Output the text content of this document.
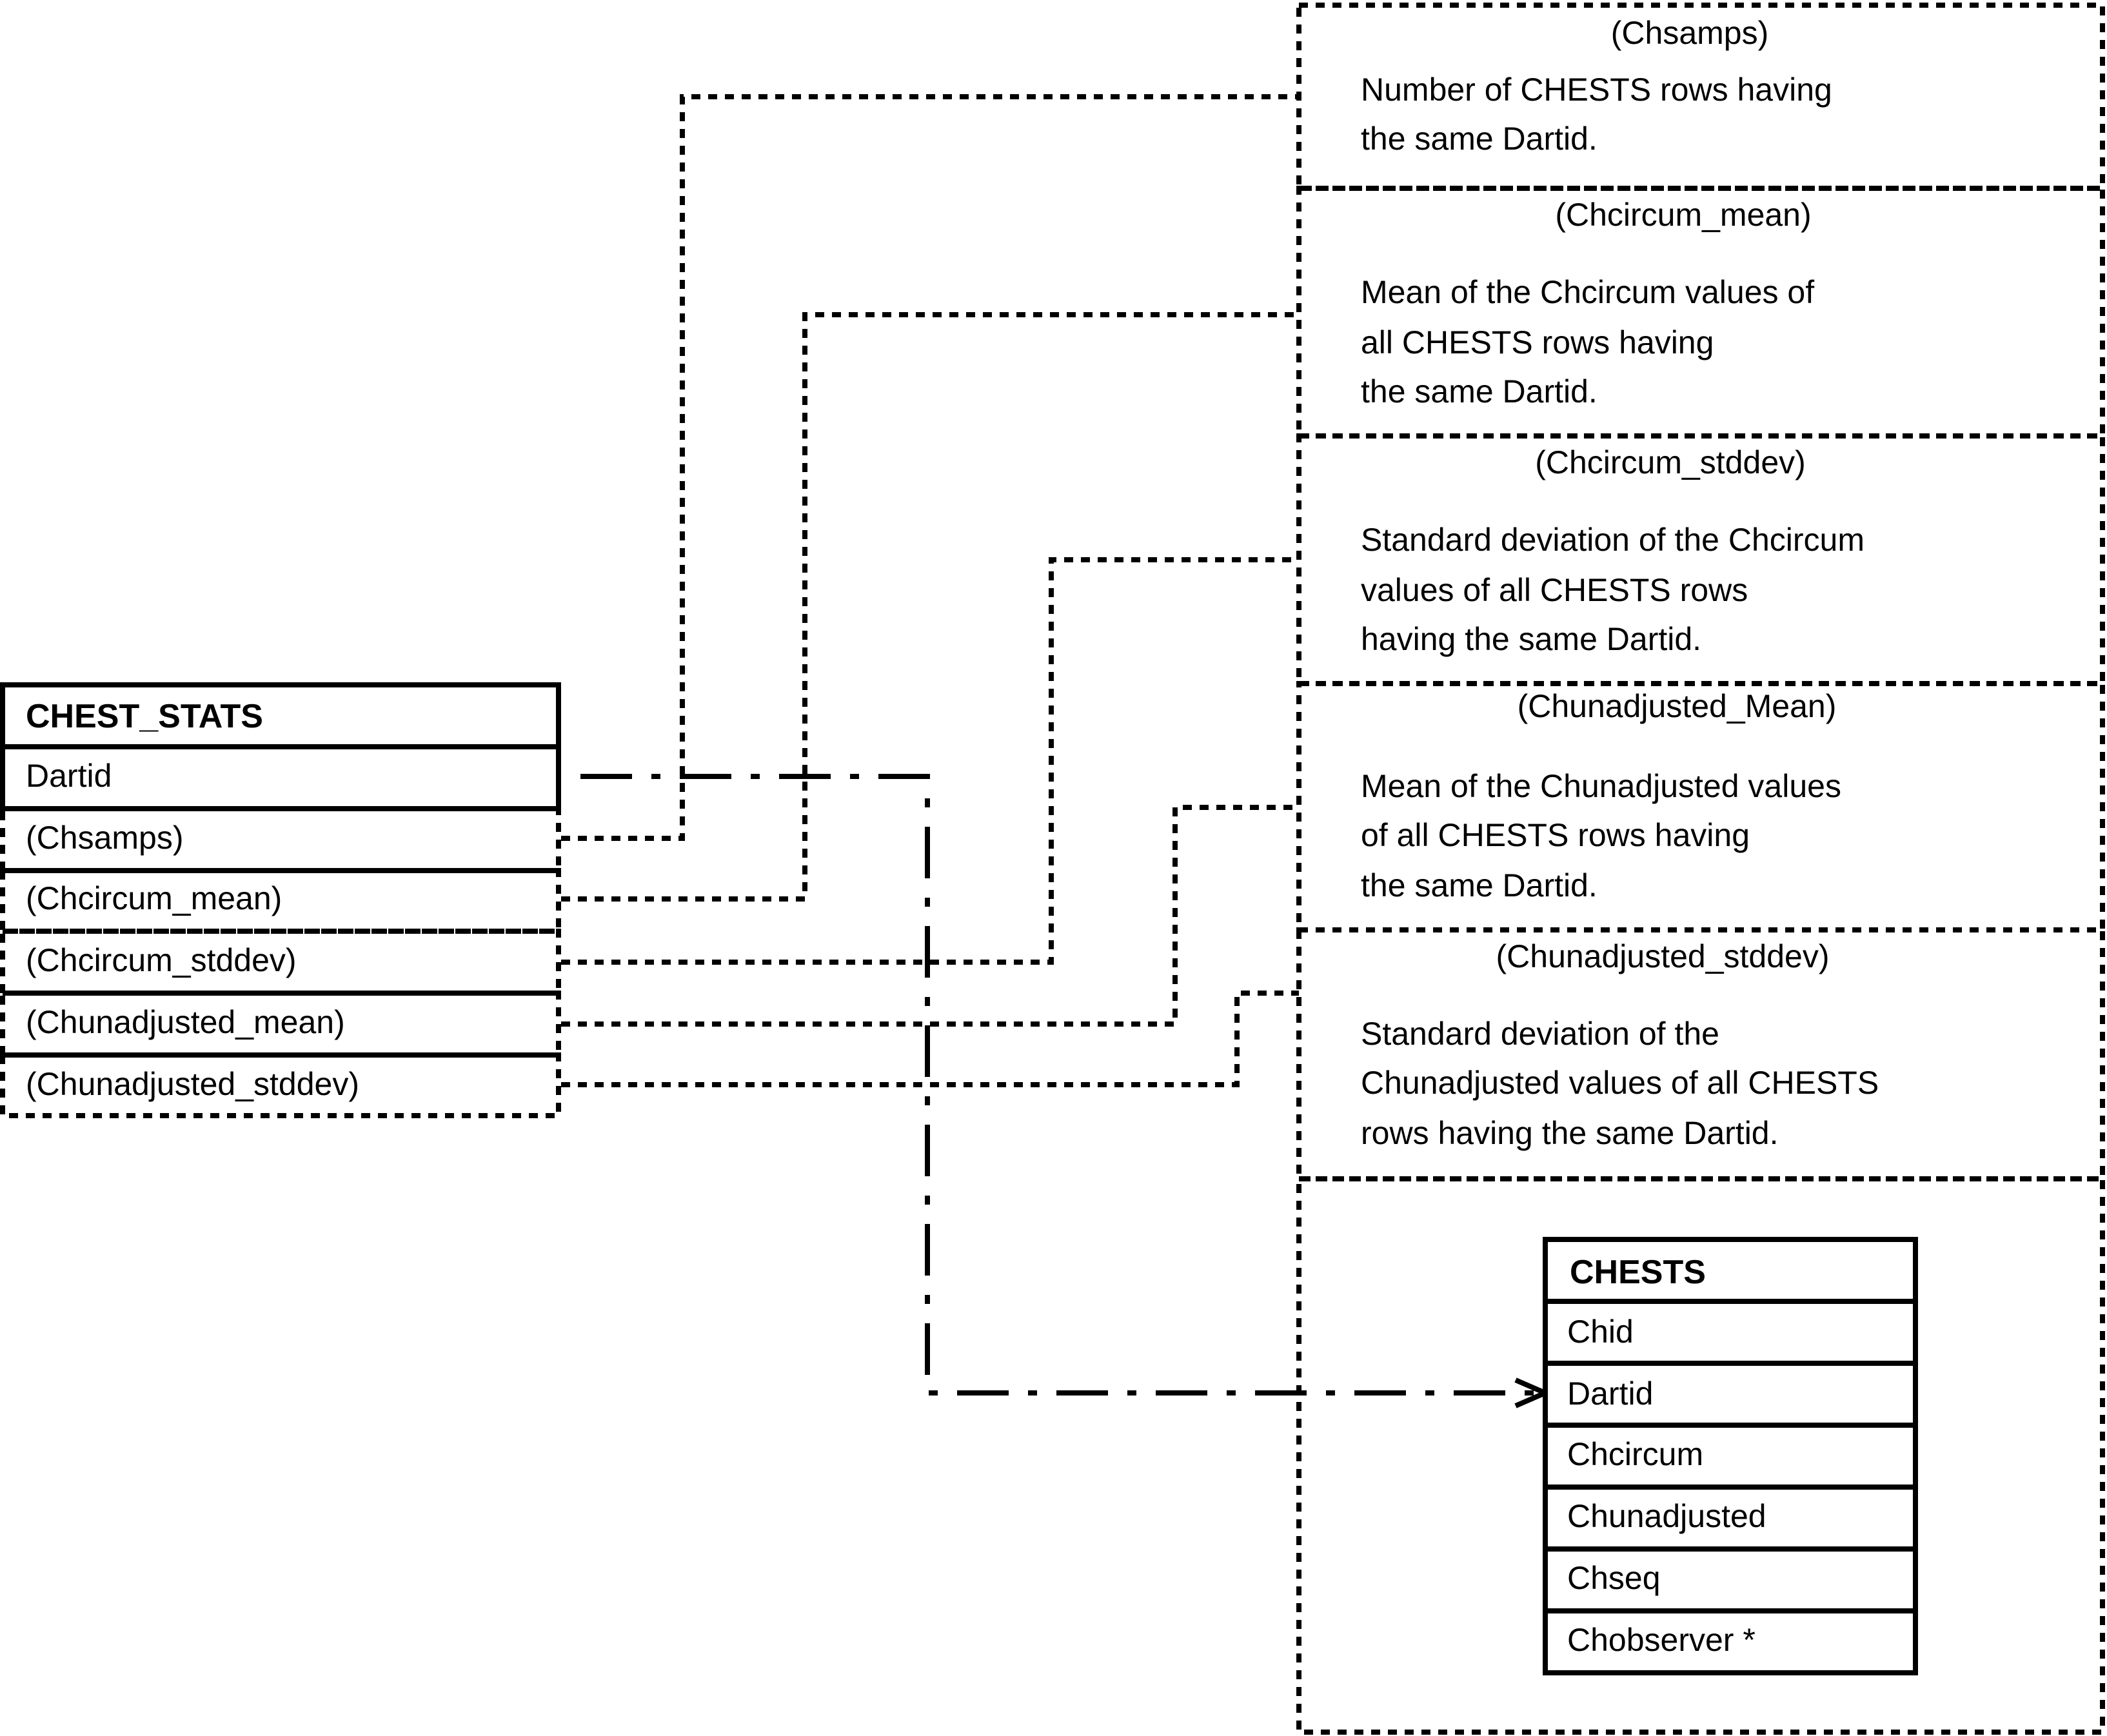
(Chsamps)
Number of CHESTS rows having
the same Dartid.
(Chcircum_mean)
Mean of the Chcircum values of
all CHESTS rows having
the same Dartid.
(Chcircum_stddev)
Standard deviation of the Chcircum
values of all CHESTS rows
having the same Dartid.
(Chunadjusted_Mean)
Mean of the Chunadjusted values
of all CHESTS rows having
the same Dartid.
(Chunadjusted_stddev)
Standard deviation of the
Chunadjusted values of all CHESTS
rows having the same Dartid.
CHEST_STATS
Dartid
(Chsamps)
(Chcircum_mean)
(Chcircum_stddev)
(Chunadjusted_mean)
(Chunadjusted_stddev)
CHESTS
Chid
Dartid
Chcircum
Chunadjusted
Chseq
Chobserver *
